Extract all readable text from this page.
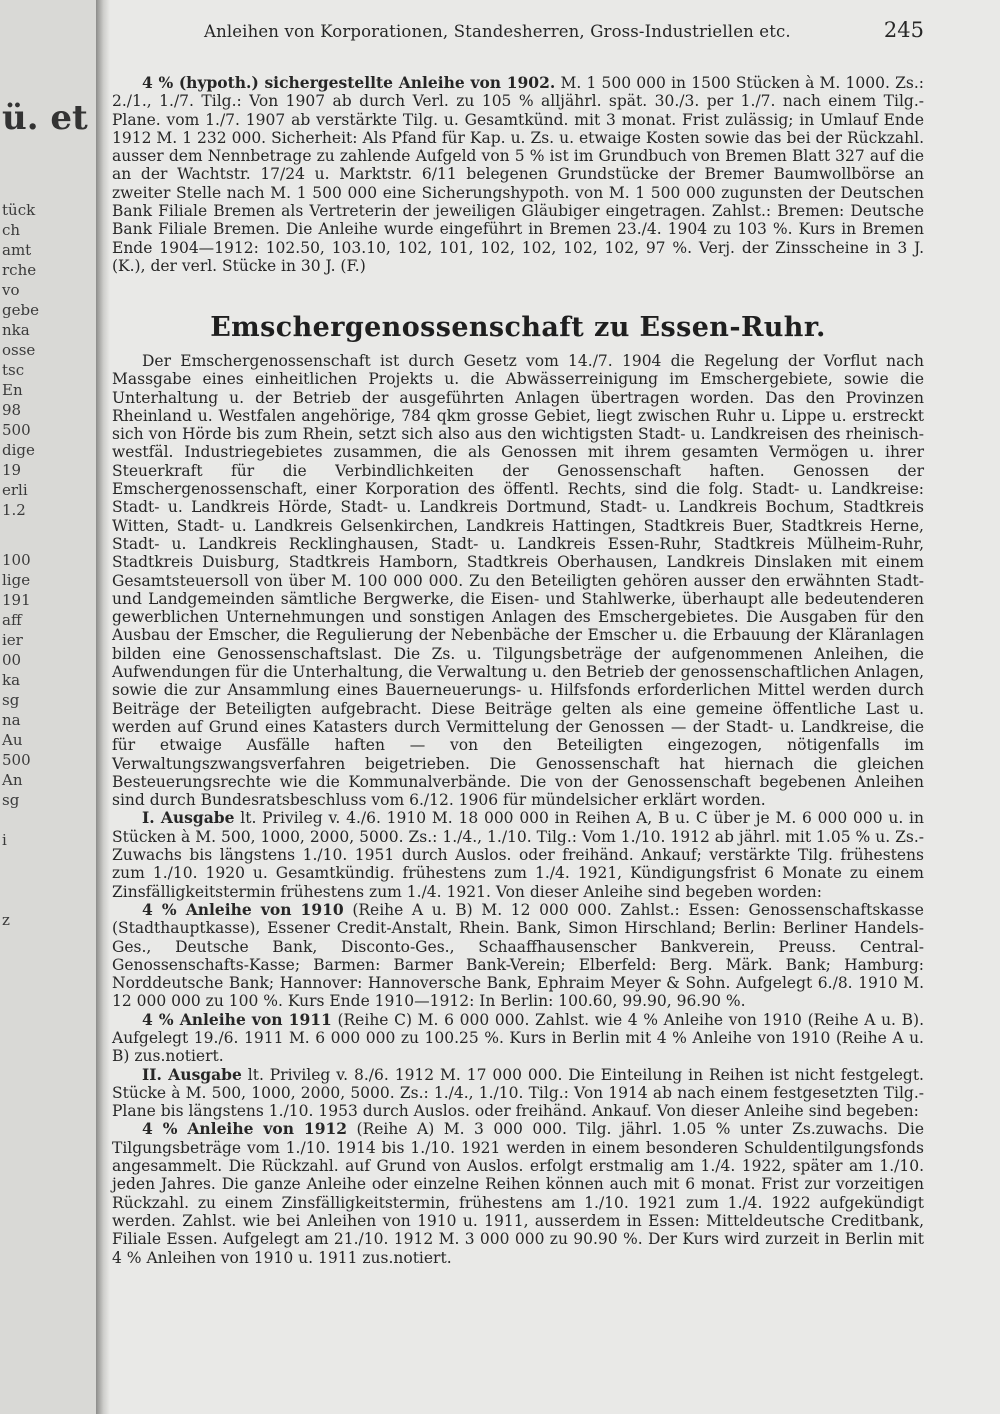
ü. et
tück
ch
amt
rche
vo
gebe
nka
osse
tsc
En
98
500
dige
19
erli
1.2
100
lige
191
aff
ier
00
ka
sg
na
Au
500
An
sg
i
z
Anleihen von Korporationen, Standesherren, Gross-Industriellen etc.	245

4 % (hypoth.) sichergestellte Anleihe von 1902. M. 1 500 000 in 1500 Stücken à M. 1000. Zs.: 2./1., 1./7. Tilg.: Von 1907 ab durch Verl. zu 105 % alljährl. spät. 30./3. per 1./7. nach einem Tilg.-Plane. vom 1./7. 1907 ab verstärkte Tilg. u. Gesamtkünd. mit 3 monat. Frist zulässig; in Umlauf Ende 1912 M. 1 232 000. Sicherheit: Als Pfand für Kap. u. Zs. u. etwaige Kosten sowie das bei der Rückzahl. ausser dem Nennbetrage zu zahlende Aufgeld von 5 % ist im Grundbuch von Bremen Blatt 327 auf die an der Wachtstr. 17/24 u. Marktstr. 6/11 belegenen Grundstücke der Bremer Baumwollbörse an zweiter Stelle nach M. 1 500 000 eine Sicherungshypoth. von M. 1 500 000 zugunsten der Deutschen Bank Filiale Bremen als Vertreterin der jeweiligen Gläubiger eingetragen. Zahlst.: Bremen: Deutsche Bank Filiale Bremen. Die Anleihe wurde eingeführt in Bremen 23./4. 1904 zu 103 %. Kurs in Bremen Ende 1904—1912: 102.50, 103.10, 102, 101, 102, 102, 102, 102, 97 %. Verj. der Zinsscheine in 3 J. (K.), der verl. Stücke in 30 J. (F.)

Emschergenossenschaft zu Essen-Ruhr.

Der Emschergenossenschaft ist durch Gesetz vom 14./7. 1904 die Regelung der Vorflut nach Massgabe eines einheitlichen Projekts u. die Abwässerreinigung im Emschergebiete, sowie die Unterhaltung u. der Betrieb der ausgeführten Anlagen übertragen worden. Das den Provinzen Rheinland u. Westfalen angehörige, 784 qkm grosse Gebiet, liegt zwischen Ruhr u. Lippe u. erstreckt sich von Hörde bis zum Rhein, setzt sich also aus den wichtigsten Stadt- u. Landkreisen des rheinisch-westfäl. Industriegebietes zusammen, die als Genossen mit ihrem gesamten Vermögen u. ihrer Steuerkraft für die Verbindlichkeiten der Genossenschaft haften. Genossen der Emschergenossenschaft, einer Korporation des öffentl. Rechts, sind die folg. Stadt- u. Landkreise: Stadt- u. Landkreis Hörde, Stadt- u. Landkreis Dortmund, Stadt- u. Landkreis Bochum, Stadtkreis Witten, Stadt- u. Landkreis Gelsenkirchen, Landkreis Hattingen, Stadtkreis Buer, Stadtkreis Herne, Stadt- u. Landkreis Recklinghausen, Stadt- u. Landkreis Essen-Ruhr, Stadtkreis Mülheim-Ruhr, Stadtkreis Duisburg, Stadtkreis Hamborn, Stadtkreis Oberhausen, Landkreis Dinslaken mit einem Gesamtsteuersoll von über M. 100 000 000. Zu den Beteiligten gehören ausser den erwähnten Stadt- und Landgemeinden sämtliche Bergwerke, die Eisen- und Stahlwerke, überhaupt alle bedeutenderen gewerblichen Unternehmungen und sonstigen Anlagen des Emschergebietes. Die Ausgaben für den Ausbau der Emscher, die Regulierung der Nebenbäche der Emscher u. die Erbauung der Kläranlagen bilden eine Genossenschaftslast. Die Zs. u. Tilgungsbeträge der aufgenommenen Anleihen, die Aufwendungen für die Unterhaltung, die Verwaltung u. den Betrieb der genossenschaftlichen Anlagen, sowie die zur Ansammlung eines Bauerneuerungs- u. Hilfsfonds erforderlichen Mittel werden durch Beiträge der Beteiligten aufgebracht. Diese Beiträge gelten als eine gemeine öffentliche Last u. werden auf Grund eines Katasters durch Vermittelung der Genossen — der Stadt- u. Landkreise, die für etwaige Ausfälle haften — von den Beteiligten eingezogen, nötigenfalls im Verwaltungszwangsverfahren beigetrieben. Die Genossenschaft hat hiernach die gleichen Besteuerungsrechte wie die Kommunalverbände. Die von der Genossenschaft begebenen Anleihen sind durch Bundesratsbeschluss vom 6./12. 1906 für mündelsicher erklärt worden.

I. Ausgabe lt. Privileg v. 4./6. 1910 M. 18 000 000 in Reihen A, B u. C über je M. 6 000 000 u. in Stücken à M. 500, 1000, 2000, 5000. Zs.: 1./4., 1./10. Tilg.: Vom 1./10. 1912 ab jährl. mit 1.05 % u. Zs.-Zuwachs bis längstens 1./10. 1951 durch Auslos. oder freihänd. Ankauf; verstärkte Tilg. frühestens zum 1./10. 1920 u. Gesamtkündig. frühestens zum 1./4. 1921, Kündigungsfrist 6 Monate zu einem Zinsfälligkeitstermin frühestens zum 1./4. 1921. Von dieser Anleihe sind begeben worden:

4 % Anleihe von 1910 (Reihe A u. B) M. 12 000 000. Zahlst.: Essen: Genossenschaftskasse (Stadthauptkasse), Essener Credit-Anstalt, Rhein. Bank, Simon Hirschland; Berlin: Berliner Handels-Ges., Deutsche Bank, Disconto-Ges., Schaaffhausenscher Bankverein, Preuss. Central-Genossenschafts-Kasse; Barmen: Barmer Bank-Verein; Elberfeld: Berg. Märk. Bank; Hamburg: Norddeutsche Bank; Hannover: Hannoversche Bank, Ephraim Meyer & Sohn. Aufgelegt 6./8. 1910 M. 12 000 000 zu 100 %. Kurs Ende 1910—1912: In Berlin: 100.60, 99.90, 96.90 %.

4 % Anleihe von 1911 (Reihe C) M. 6 000 000. Zahlst. wie 4 % Anleihe von 1910 (Reihe A u. B). Aufgelegt 19./6. 1911 M. 6 000 000 zu 100.25 %. Kurs in Berlin mit 4 % Anleihe von 1910 (Reihe A u. B) zus.notiert.

II. Ausgabe lt. Privileg v. 8./6. 1912 M. 17 000 000. Die Einteilung in Reihen ist nicht festgelegt. Stücke à M. 500, 1000, 2000, 5000. Zs.: 1./4., 1./10. Tilg.: Von 1914 ab nach einem festgesetzten Tilg.-Plane bis längstens 1./10. 1953 durch Auslos. oder freihänd. Ankauf. Von dieser Anleihe sind begeben:

4 % Anleihe von 1912 (Reihe A) M. 3 000 000. Tilg. jährl. 1.05 % unter Zs.zuwachs. Die Tilgungsbeträge vom 1./10. 1914 bis 1./10. 1921 werden in einem besonderen Schuldentilgungsfonds angesammelt. Die Rückzahl. auf Grund von Auslos. erfolgt erstmalig am 1./4. 1922, später am 1./10. jeden Jahres. Die ganze Anleihe oder einzelne Reihen können auch mit 6 monat. Frist zur vorzeitigen Rückzahl. zu einem Zinsfälligkeitstermin, frühestens am 1./10. 1921 zum 1./4. 1922 aufgekündigt werden. Zahlst. wie bei Anleihen von 1910 u. 1911, ausserdem in Essen: Mitteldeutsche Creditbank, Filiale Essen. Aufgelegt am 21./10. 1912 M. 3 000 000 zu 90.90 %. Der Kurs wird zurzeit in Berlin mit 4 % Anleihen von 1910 u. 1911 zus.notiert.
